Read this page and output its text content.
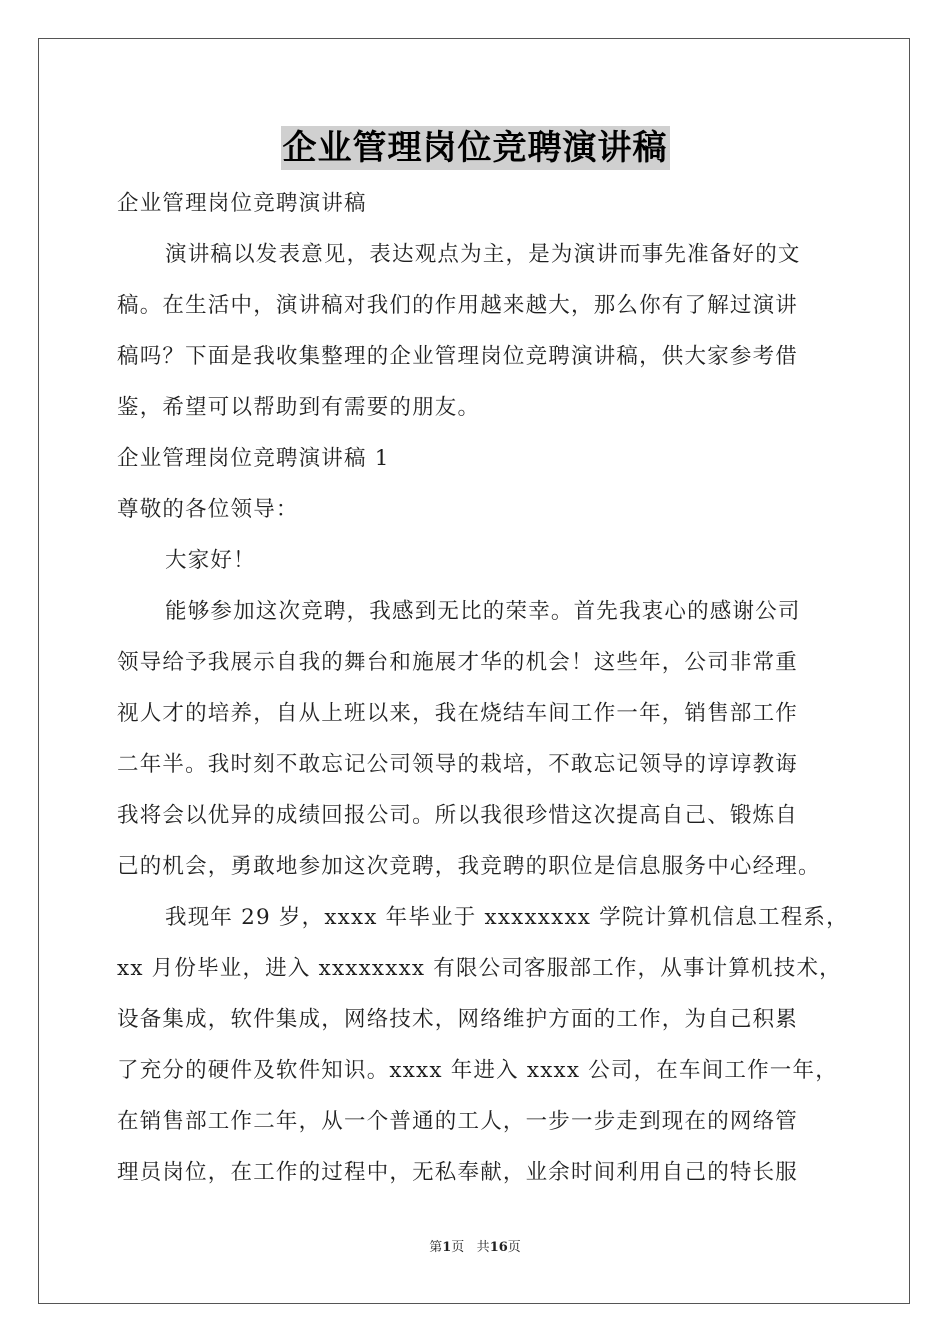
企业管理岗位竞聘演讲稿
企业管理岗位竞聘演讲稿
演讲稿以发表意见，表达观点为主，是为演讲而事先准备好的文
稿。在生活中，演讲稿对我们的作用越来越大，那么你有了解过演讲
稿吗？下面是我收集整理的企业管理岗位竞聘演讲稿，供大家参考借
鉴，希望可以帮助到有需要的朋友。
企业管理岗位竞聘演讲稿 1
尊敬的各位领导：
大家好！
能够参加这次竞聘，我感到无比的荣幸。首先我衷心的感谢公司
领导给予我展示自我的舞台和施展才华的机会！这些年，公司非常重
视人才的培养，自从上班以来，我在烧结车间工作一年，销售部工作
二年半。我时刻不敢忘记公司领导的栽培，不敢忘记领导的谆谆教诲
我将会以优异的成绩回报公司。所以我很珍惜这次提高自己、锻炼自
己的机会，勇敢地参加这次竞聘，我竞聘的职位是信息服务中心经理。
我现年 29 岁，xxxx 年毕业于 xxxxxxxx 学院计算机信息工程系，
xx 月份毕业，进入 xxxxxxxx 有限公司客服部工作，从事计算机技术，
设备集成，软件集成，网络技术，网络维护方面的工作，为自己积累
了充分的硬件及软件知识。xxxx 年进入 xxxx 公司，在车间工作一年，
在销售部工作二年，从一个普通的工人，一步一步走到现在的网络管
理员岗位，在工作的过程中，无私奉献，业余时间利用自己的特长服
第1页 共16页
